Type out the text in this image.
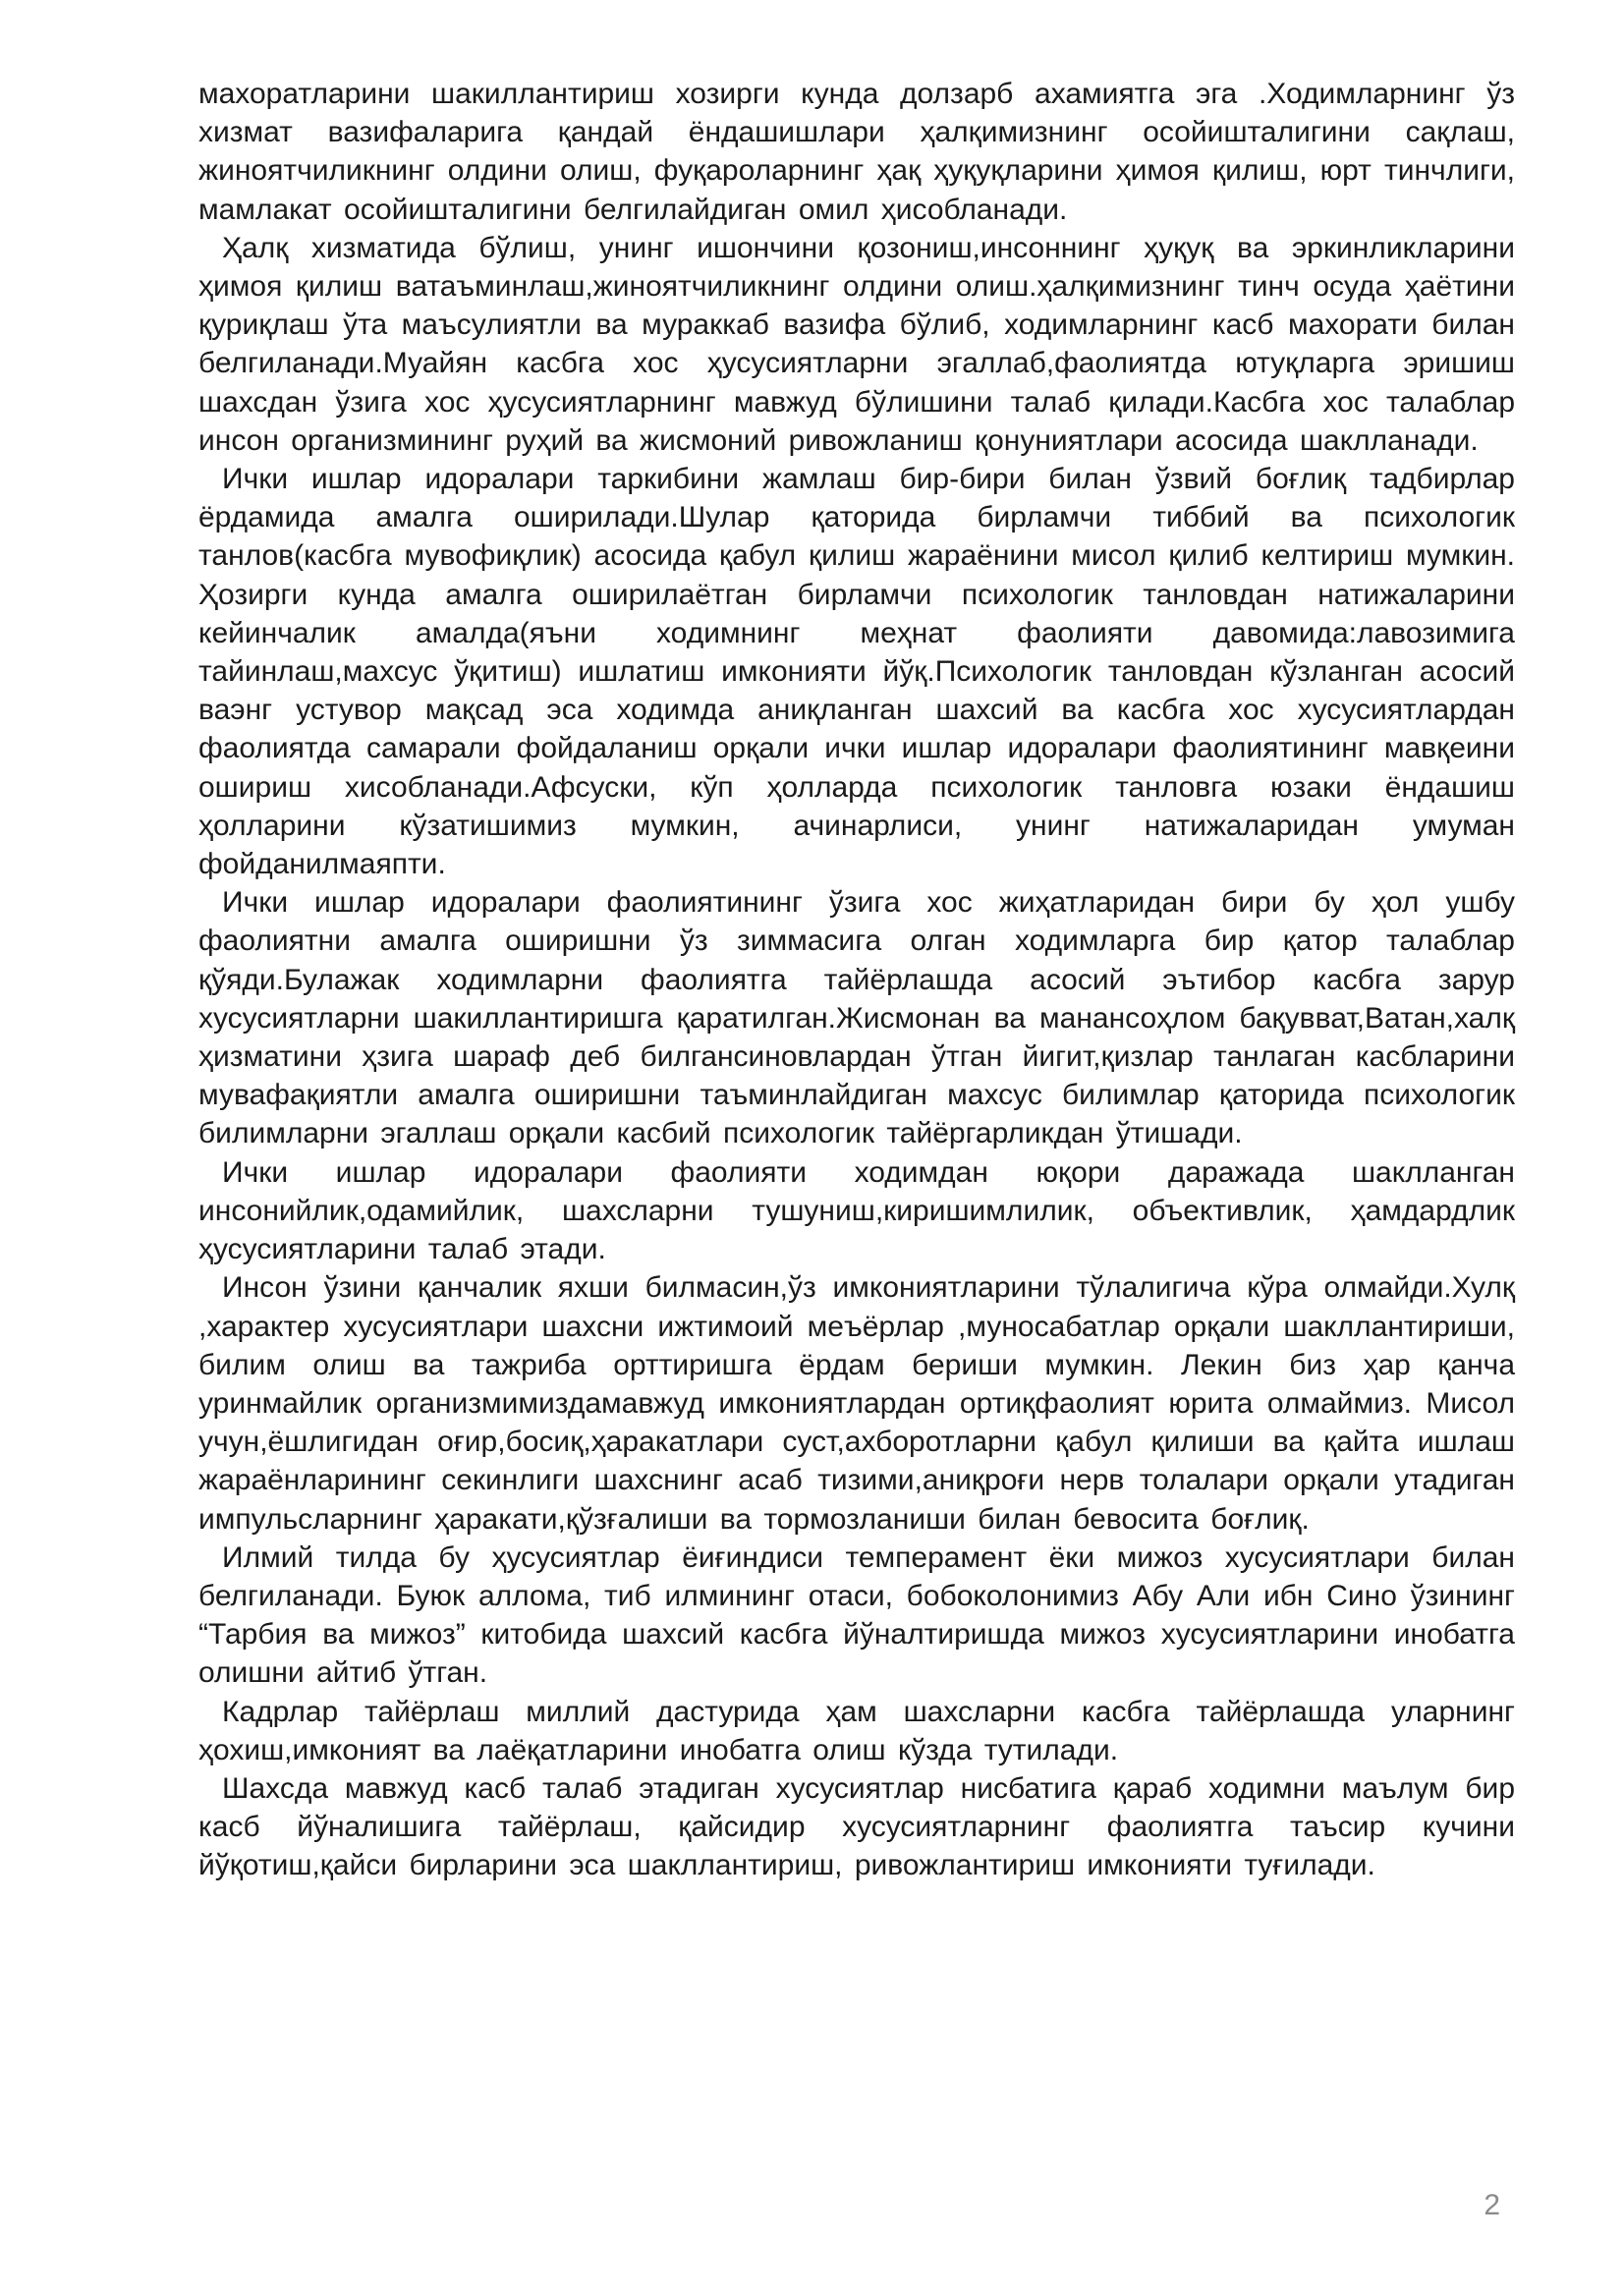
махоратларини шакиллантириш хозирги кунда долзарб ахамиятга эга .Ходимларнинг ўз хизмат вазифаларига қандай ёндашишлари ҳалқимизнинг осойишталигини сақлаш, жиноятчиликнинг олдини олиш, фуқароларнинг ҳақ ҳуқуқларини ҳимоя қилиш, юрт тинчлиги, мамлакат осойишталигини белгилайдиган омил ҳисобланади.

Ҳалқ хизматида бўлиш, унинг ишончини қозониш,инсоннинг ҳуқуқ ва эркинликларини ҳимоя қилиш ватаъминлаш,жиноятчиликнинг олдини олиш.ҳалқимизнинг тинч осуда ҳаётини қуриқлаш ўта маъсулиятли ва мураккаб вазифа бўлиб, ходимларнинг касб махорати билан белгиланади.Муайян касбга хос ҳусусиятларни эгаллаб,фаолиятда ютуқларга эришиш шахсдан ўзига хос ҳусусиятларнинг мавжуд бўлишини талаб қилади.Касбга хос талаблар инсон организмининг руҳий ва жисмоний ривожланиш қонуниятлари асосида шаклланади.

Ички ишлар идоралари таркибини жамлаш бир-бири билан ўзвий боғлиқ тадбирлар ёрдамида амалга оширилади.Шулар қаторида бирламчи тиббий ва психологик танлов(касбга мувофиқлик) асосида қабул қилиш жараёнини мисол қилиб келтириш мумкин. Ҳозирги кунда амалга оширилаётган бирламчи психологик танловдан натижаларини кейинчалик амалда(яъни ходимнинг меҳнат фаолияти давомида:лавозимига тайинлаш,махсус ўқитиш) ишлатиш имконияти йўқ.Психологик танловдан кўзланган асосий ваэнг устувор мақсад эса ходимда аниқланган шахсий ва касбга хос хусусиятлардан фаолиятда самарали фойдаланиш орқали ички ишлар идоралари фаолиятининг мавқеини ошириш хисобланади.Афсуски, кўп ҳолларда психологик танловга юзаки ёндашиш ҳолларини кўзатишимиз мумкин, ачинарлиси, унинг натижаларидан умуман фойданилмаяпти.

Ички ишлар идоралари фаолиятининг ўзига хос жиҳатларидан бири бу ҳол ушбу фаолиятни амалга оширишни ўз зиммасига олган ходимларга бир қатор талаблар қўяди.Булажак ходимларни фаолиятга тайёрлашда асосий эътибор касбга зарур хусусиятларни шакиллантиришга қаратилган.Жисмонан ва манансоҳлом бақувват,Ватан,халқ ҳизматини ҳзига шараф деб билгансиновлардан ўтган йигит,қизлар танлаган касбларини мувафақиятли амалга оширишни таъминлайдиган махсус билимлар қаторида психологик билимларни эгаллаш орқали касбий психологик тайёргарликдан ўтишади.

Ички ишлар идоралари фаолияти ходимдан юқори даражада шаклланган инсонийлик,одамийлик, шахсларни тушуниш,киришимлилик, объективлик, ҳамдардлик ҳусусиятларини талаб этади.

Инсон ўзини қанчалик яхши билмасин,ўз имкониятларини тўлалигича кўра олмайди.Хулқ ,характер хусусиятлари шахсни ижтимоий меъёрлар ,муносабатлар орқали шакллантириши, билим олиш ва тажриба орттиришга ёрдам бериши мумкин. Лекин биз ҳар қанча уринмайлик организмимиздамавжуд имкониятлардан ортиқфаолият юрита олмаймиз. Мисол учун,ёшлигидан оғир,босиқ,ҳаракатлари суст,ахборотларни қабул қилиши ва қайта ишлаш жараёнларининг секинлиги шахснинг асаб тизими,аниқроғи нерв толалари орқали утадиган импульсларнинг ҳаракати,қўзғалиши ва тормозланиши билан бевосита боғлиқ.

Илмий тилда бу ҳусусиятлар ёиғиндиси темперамент ёки мижоз хусусиятлари билан белгиланади. Буюк аллома, тиб илмининг отаси, бобоколонимиз Абу Али ибн Сино ўзининг “Тарбия ва мижоз” китобида шахсий касбга йўналтиришда мижоз хусусиятларини инобатга олишни айтиб ўтган.

Кадрлар тайёрлаш миллий дастурида ҳам шахсларни касбга тайёрлашда уларнинг ҳохиш,имконият ва лаёқатларини инобатга олиш кўзда тутилади.

Шахсда мавжуд касб талаб этадиган хусусиятлар нисбатига қараб ходимни маълум бир касб йўналишига тайёрлаш, қайсидир хусусиятларнинг фаолиятга таъсир кучини йўқотиш,қайси бирларини эса шакллантириш, ривожлантириш имконияти туғилади.

2
